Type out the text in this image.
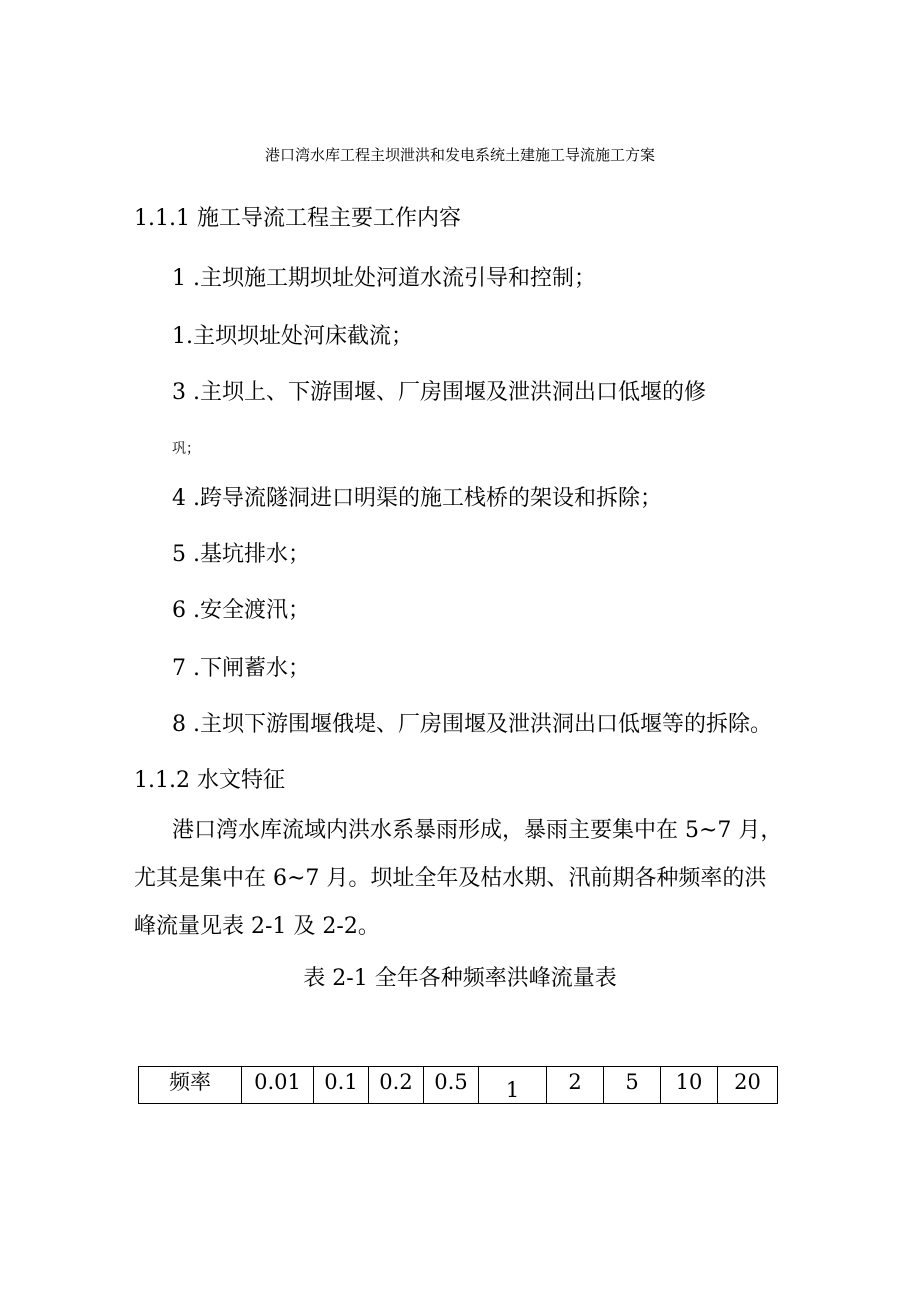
港口湾水库工程主坝泄洪和发电系统土建施工导流施工方案
1.1.1 施工导流工程主要工作内容
1 .主坝施工期坝址处河道水流引导和控制；
1.主坝坝址处河床截流；
3 .主坝上、下游围堰、厂房围堰及泄洪洞出口低堰的修
巩；
4 .跨导流隧洞进口明渠的施工栈桥的架设和拆除；
5 .基坑排水；
6 .安全渡汛；
7 .下闸蓄水；
8 .主坝下游围堰俄堤、厂房围堰及泄洪洞出口低堰等的拆除。
1.1.2 水文特征
港口湾水库流域内洪水系暴雨形成，暴雨主要集中在 5~7 月，
尤其是集中在 6~7 月。坝址全年及枯水期、汛前期各种频率的洪
峰流量见表 2-1 及 2-2。
表 2-1 全年各种频率洪峰流量表
频率	0.01	0.1	0.2	0.5	1	2	5	10	20
